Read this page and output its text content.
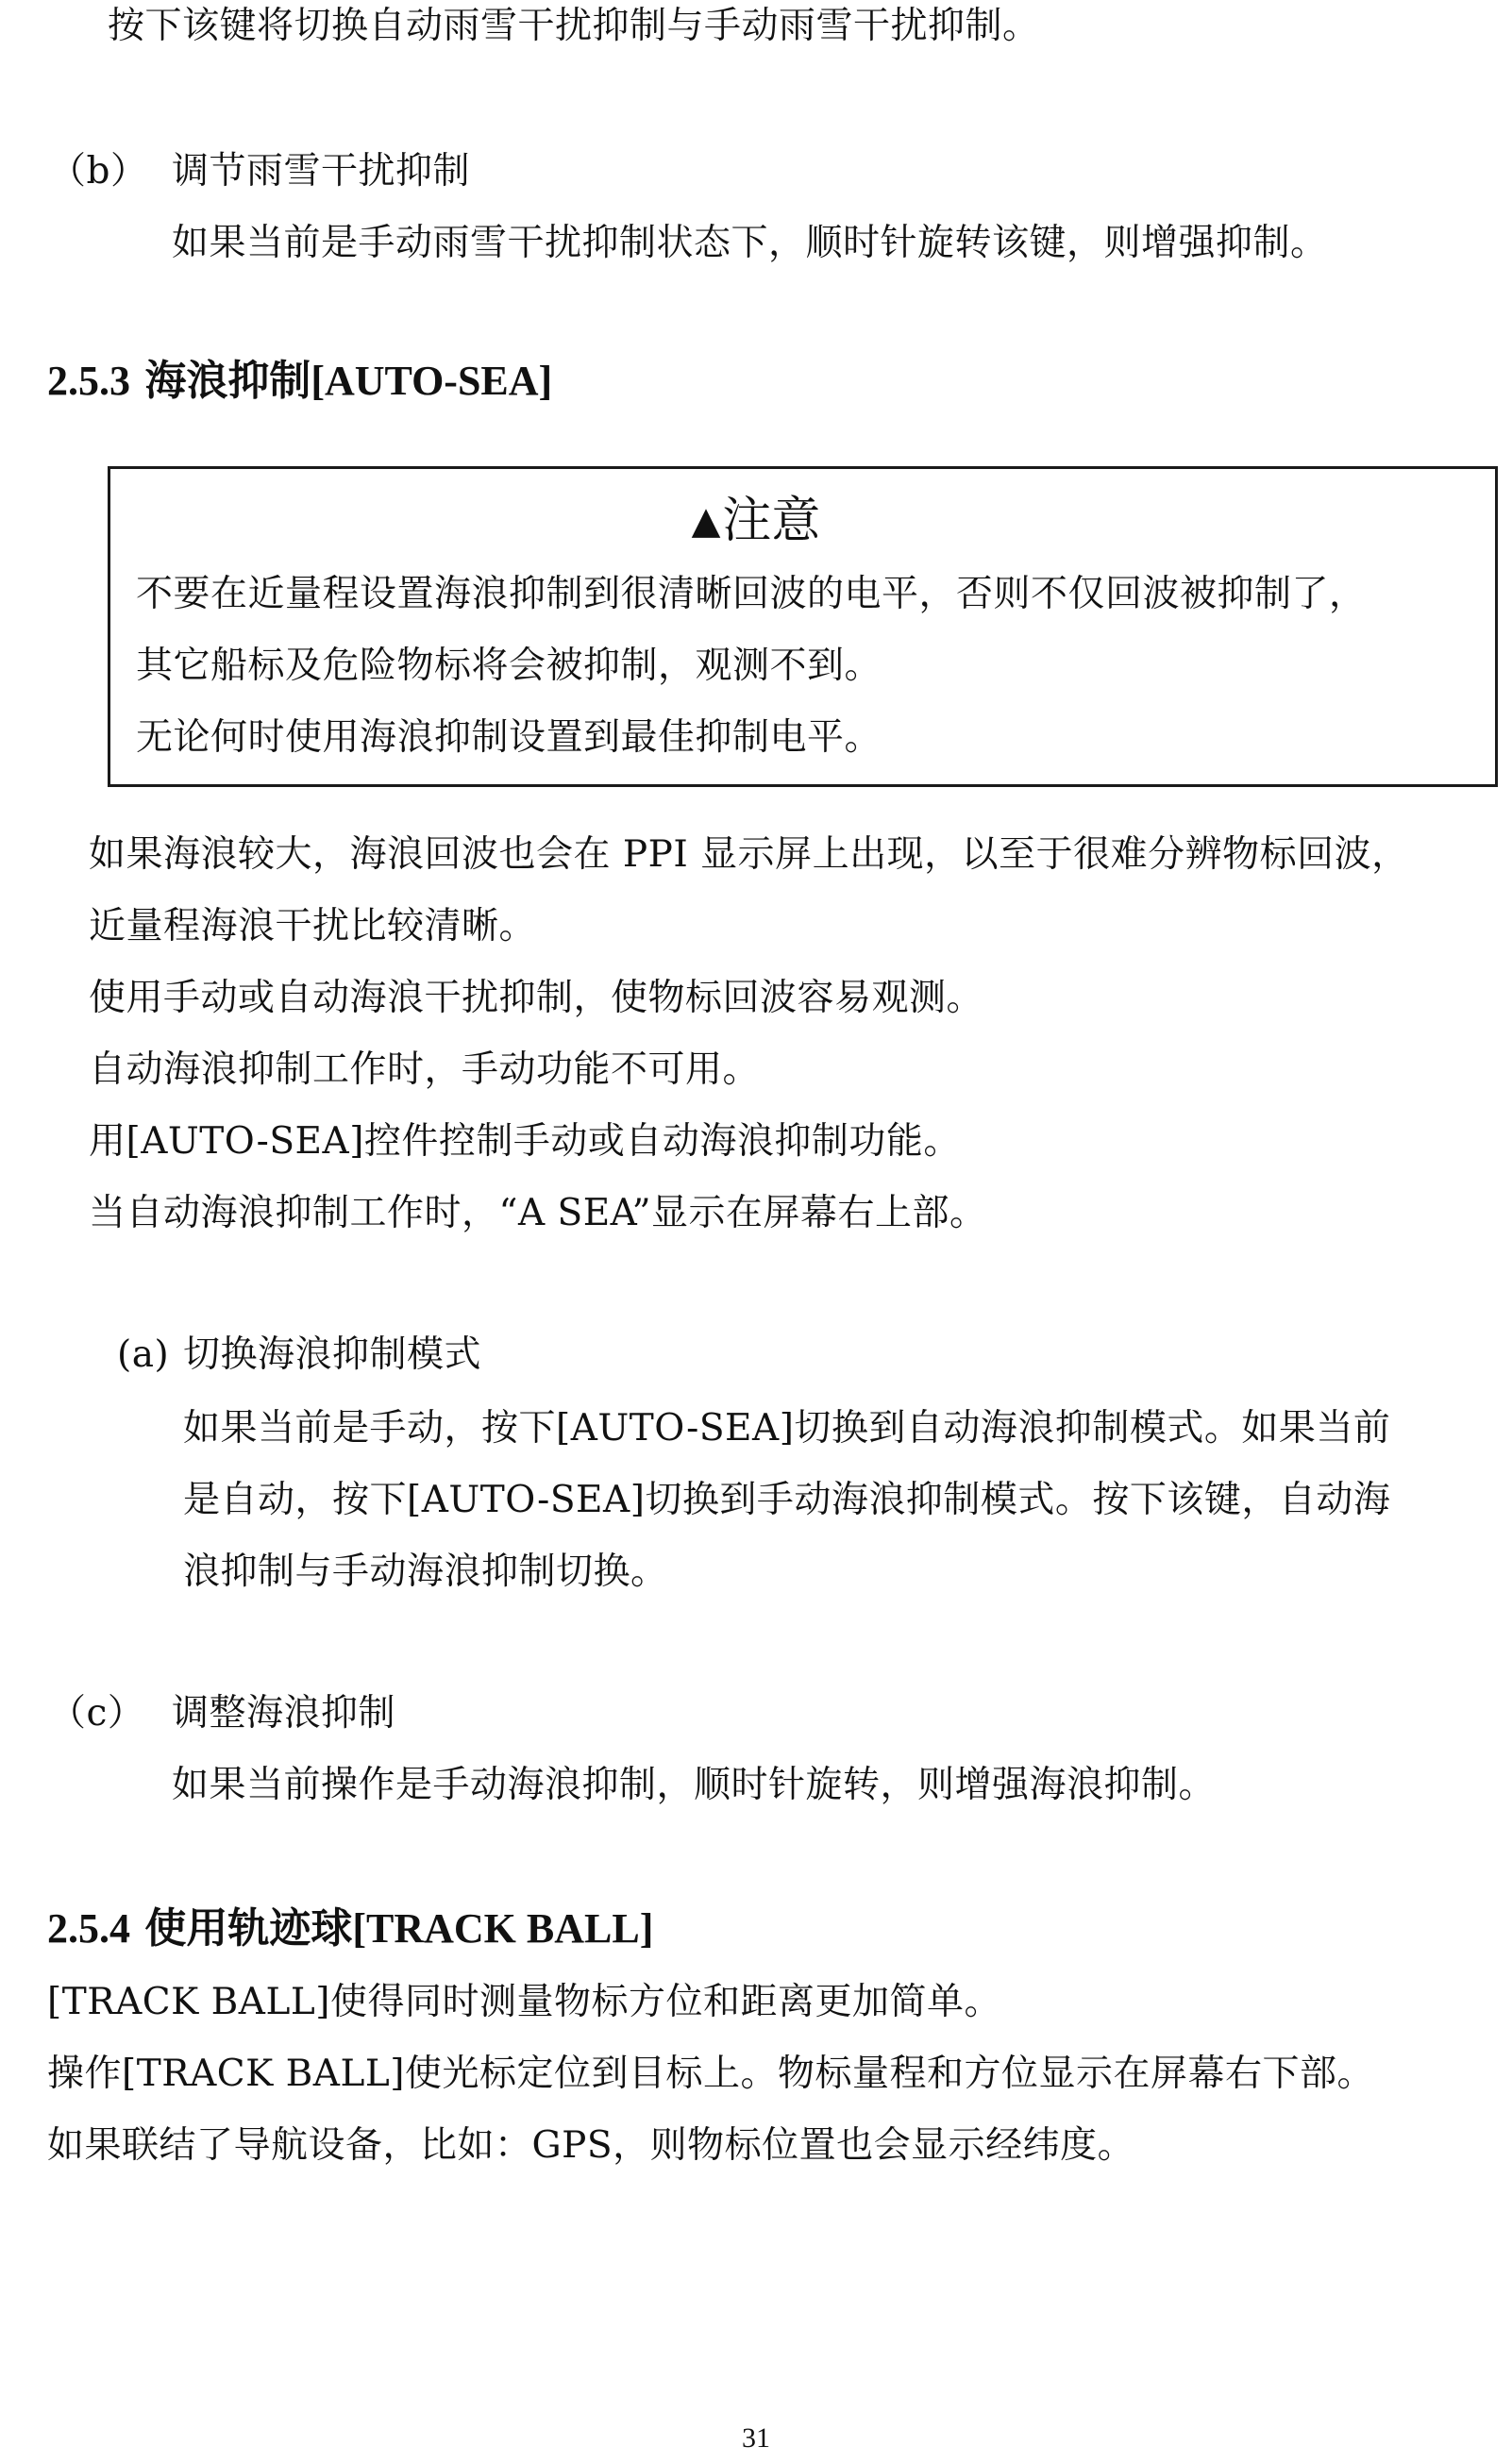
按下该键将切换自动雨雪干扰抑制与手动雨雪干扰抑制。

（b） 调节雨雪干扰抑制

如果当前是手动雨雪干扰抑制状态下，顺时针旋转该键，则增强抑制。

2.5.3 海浪抑制[AUTO-SEA]

▲注意

不要在近量程设置海浪抑制到很清晰回波的电平，否则不仅回波被抑制了，

其它船标及危险物标将会被抑制，观测不到。

无论何时使用海浪抑制设置到最佳抑制电平。

如果海浪较大，海浪回波也会在 PPI 显示屏上出现，以至于很难分辨物标回波，

近量程海浪干扰比较清晰。

使用手动或自动海浪干扰抑制，使物标回波容易观测。

自动海浪抑制工作时，手动功能不可用。

用[AUTO-SEA]控件控制手动或自动海浪抑制功能。

当自动海浪抑制工作时，“A SEA”显示在屏幕右上部。

(a) 切换海浪抑制模式

如果当前是手动，按下[AUTO-SEA]切换到自动海浪抑制模式。如果当前

是自动，按下[AUTO-SEA]切换到手动海浪抑制模式。按下该键，自动海

浪抑制与手动海浪抑制切换。

（c） 调整海浪抑制

如果当前操作是手动海浪抑制，顺时针旋转，则增强海浪抑制。

2.5.4 使用轨迹球[TRACK BALL]

[TRACK BALL]使得同时测量物标方位和距离更加简单。

操作[TRACK BALL]使光标定位到目标上。物标量程和方位显示在屏幕右下部。

如果联结了导航设备，比如：GPS，则物标位置也会显示经纬度。

31
